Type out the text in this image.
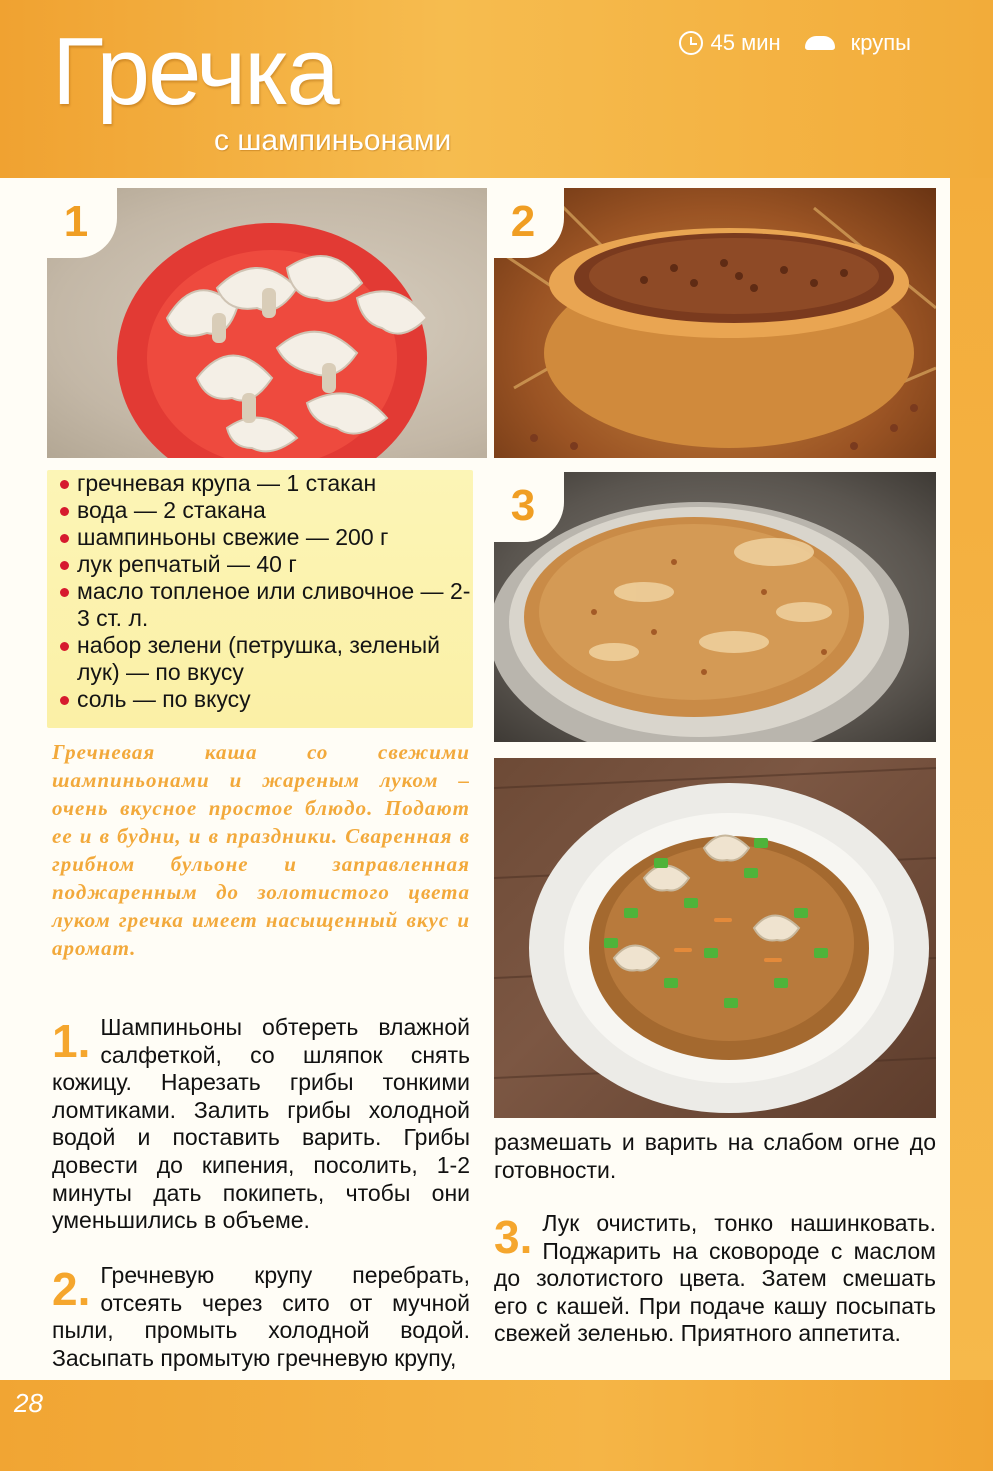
Гречка
с шампиньонами
45 мин	крупы
1	2
3
гречневая крупа — 1 стакан
вода — 2 стакана
шампиньоны свежие — 200 г
лук репчатый — 40 г
масло топленое или сливочное — 2-3 ст. л.
набор зелени (петрушка, зеленый лук) — по вкусу
соль — по вкусу
Гречневая каша со свежими шампиньонами и жареным луком – очень вкусное простое блюдо. Подают ее и в будни, и в праздники. Сваренная в грибном бульоне и заправленная поджаренным до золотистого цвета луком гречка имеет насыщенный вкус и аромат.
1. Шампиньоны обтереть влажной салфеткой, со шляпок снять кожицу. Нарезать грибы тонкими ломтиками. Залить грибы холодной водой и поставить варить. Грибы довести до кипения, посолить, 1-2 минуты дать покипеть, чтобы они уменьшились в объеме.
2. Гречневую крупу перебрать, отсеять через сито от мучной пыли, промыть холодной водой. Засыпать промытую гречневую крупу,
размешать и варить на слабом огне до готовности.
3. Лук очистить, тонко нашинковать. Поджарить на сковороде с маслом до золотистого цвета. Затем смешать его с кашей. При подаче кашу посыпать свежей зеленью. Приятного аппетита.
28
